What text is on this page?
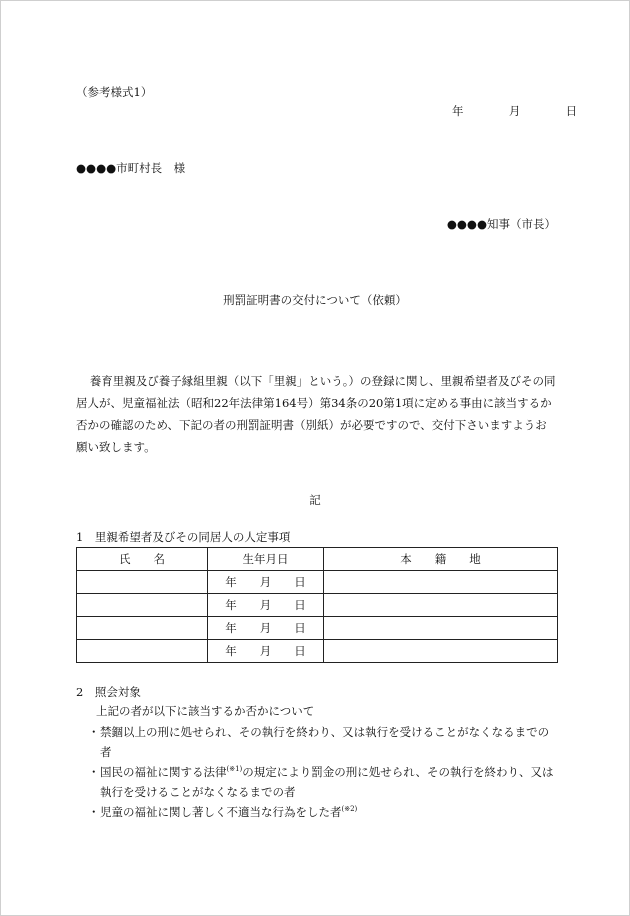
（参考様式1）
年	月	日
●●●●市町村長　様
●●●●知事（市長）
刑罰証明書の交付について（依頼）
養育里親及び養子縁組里親（以下「里親」という。）の登録に関し、里親希望者及びその同居人が、児童福祉法（昭和22年法律第164号）第34条の20第1項に定める事由に該当するか否かの確認のため、下記の者の刑罰証明書（別紙）が必要ですので、交付下さいますようお願い致します。
記
1　里親希望者及びその同居人の人定事項
氏　　名	生年月日	本　　籍　　地
	年　　月　　日	
	年　　月　　日	
	年　　月　　日	
	年　　月　　日	
2　照会対象
上記の者が以下に該当するか否かについて
・ 禁錮以上の刑に処せられ、その執行を終わり、又は執行を受けることがなくなるまでの者
・ 国民の福祉に関する法律$^{(※1)}$の規定により罰金の刑に処せられ、その執行を終わり、又は執行を受けることがなくなるまでの者
・ 児童の福祉に関し著しく不適当な行為をした者$^{(※2)}$
